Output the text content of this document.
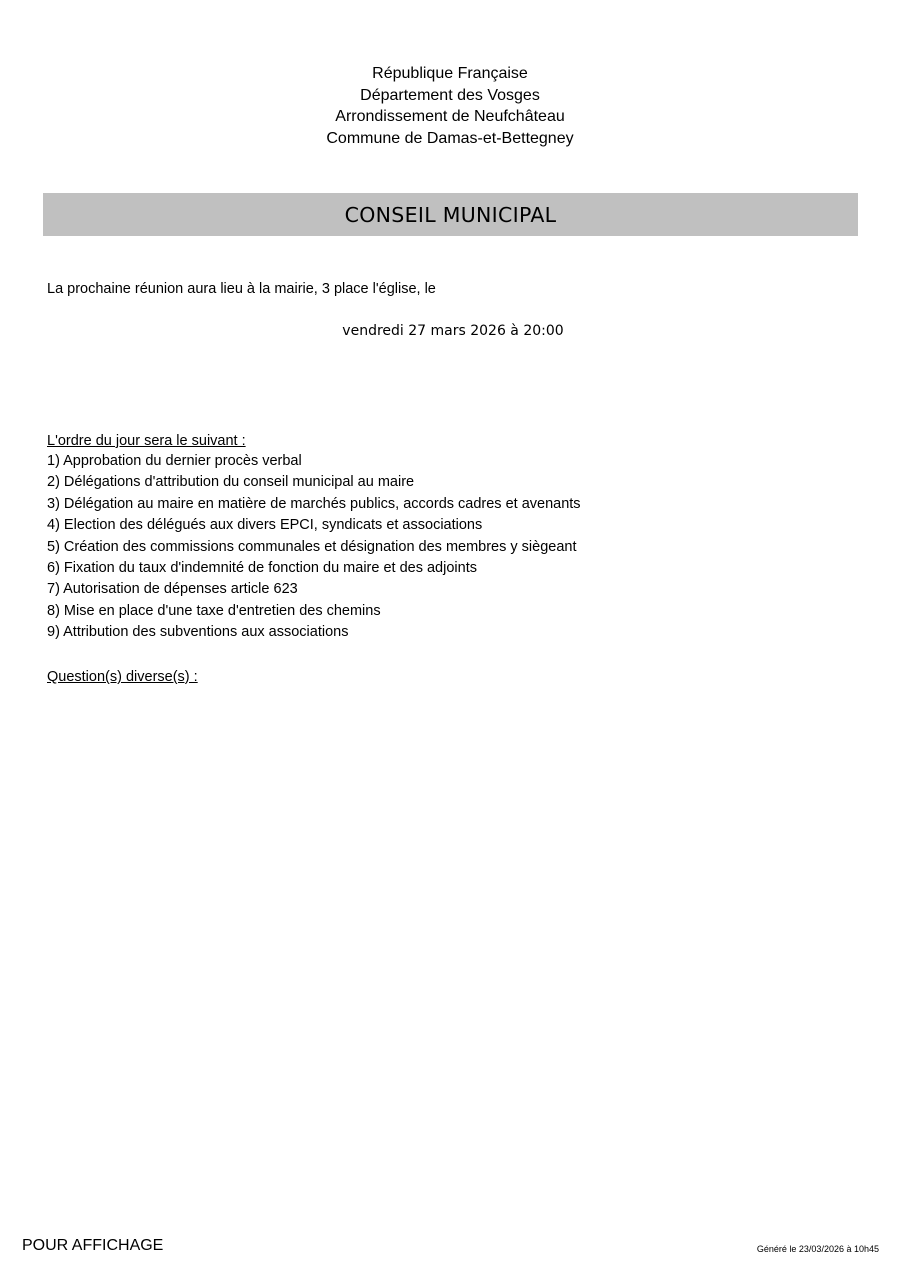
République Française
Département des Vosges
Arrondissement de Neufchâteau
Commune de Damas-et-Bettegney
CONSEIL MUNICIPAL
La prochaine réunion aura lieu à la mairie, 3 place l'église, le
vendredi 27 mars 2026 à 20:00
L'ordre du jour sera le suivant :
1) Approbation du dernier procès verbal
2) Délégations d'attribution du conseil municipal au maire
3) Délégation au maire en matière de marchés publics, accords cadres et avenants
4) Election des délégués aux divers EPCI, syndicats et associations
5) Création des commissions communales et désignation des membres y siègeant
6) Fixation du taux d'indemnité de fonction du maire et des adjoints
7) Autorisation de dépenses article 623
8) Mise en place d'une taxe d'entretien des chemins
9) Attribution des subventions aux associations
Question(s) diverse(s) :
POUR AFFICHAGE	Généré le 23/03/2026 à 10h45
